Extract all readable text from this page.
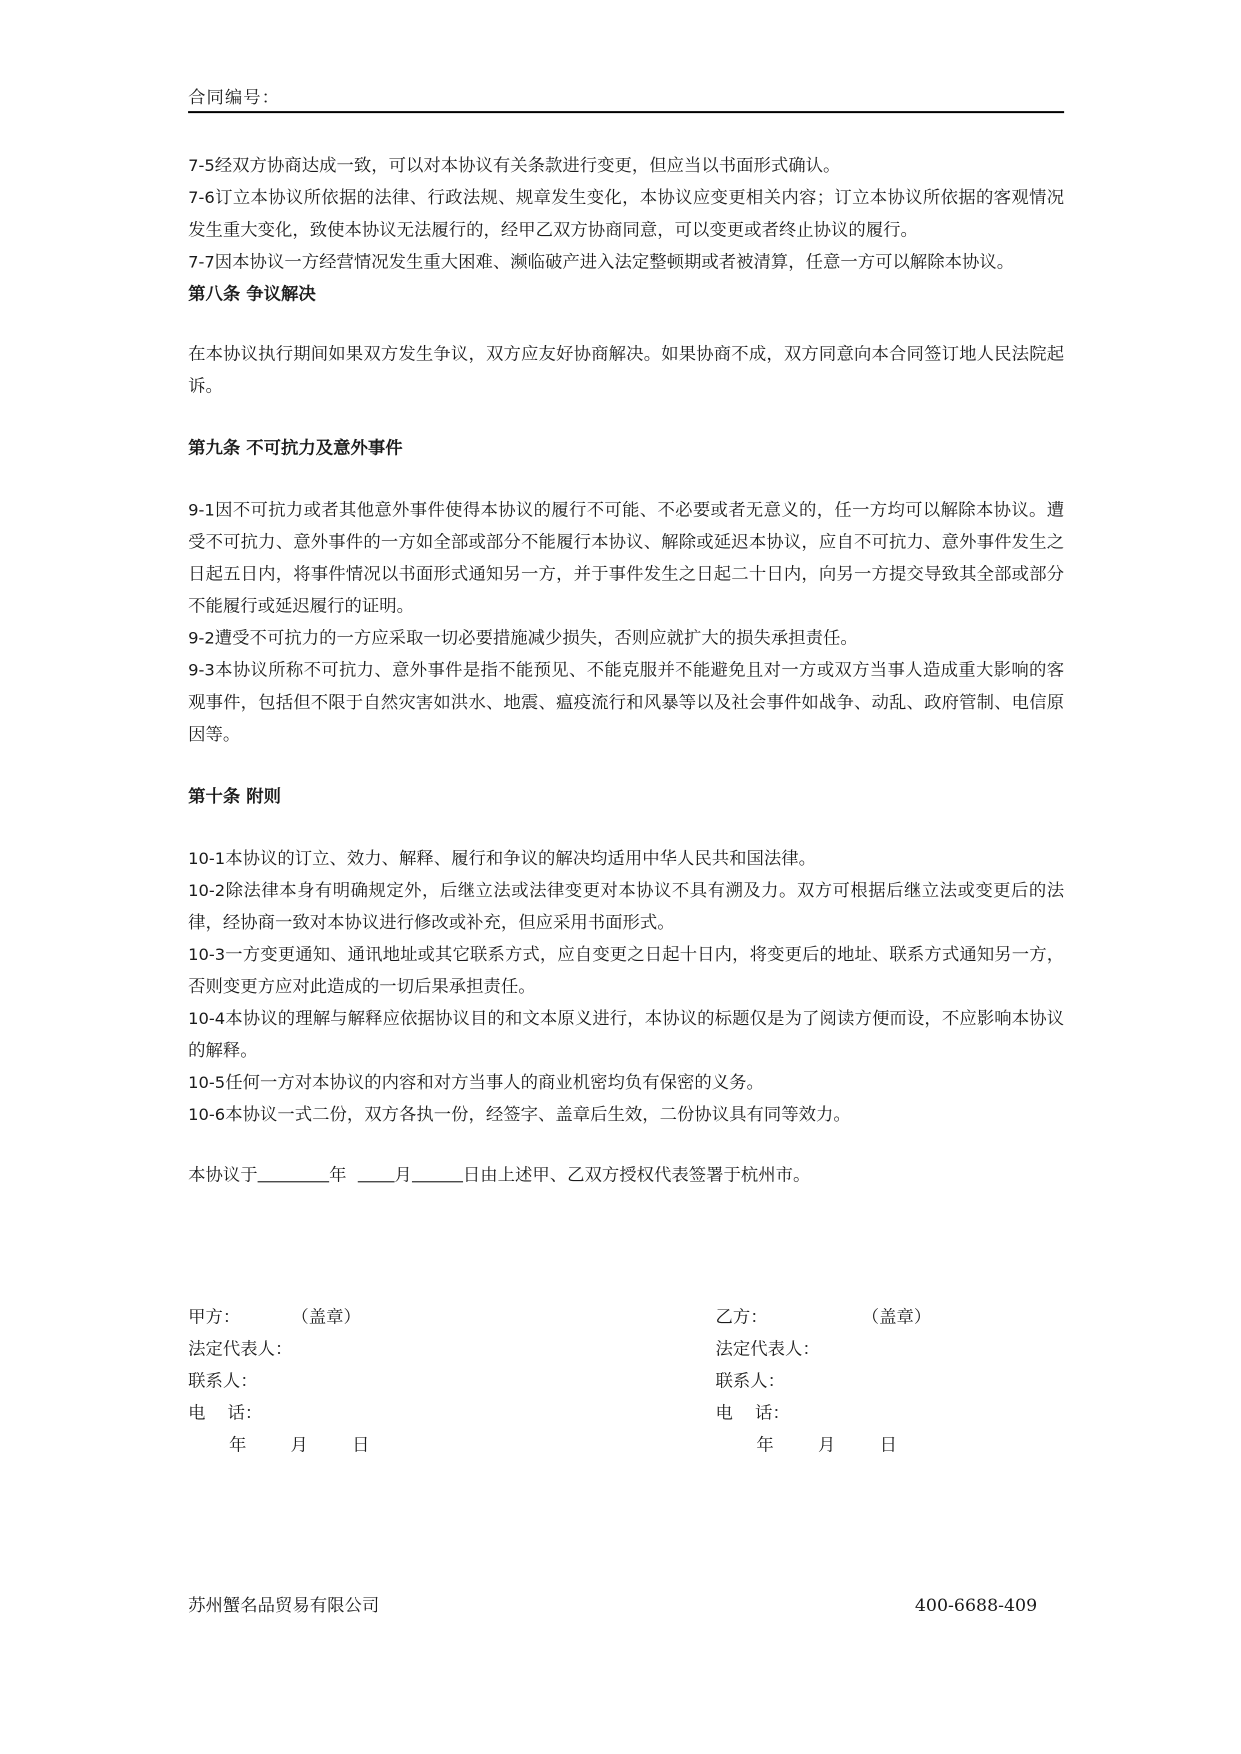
合同编号：

7-5经双方协商达成一致，可以对本协议有关条款进行变更，但应当以书面形式确认。

7-6订立本协议所依据的法律、行政法规、规章发生变化，本协议应变更相关内容；订立本协议所依据的客观情况发生重大变化，致使本协议无法履行的，经甲乙双方协商同意，可以变更或者终止协议的履行。

7-7因本协议一方经营情况发生重大困难、濒临破产进入法定整顿期或者被清算，任意一方可以解除本协议。

第八条 争议解决

在本协议执行期间如果双方发生争议，双方应友好协商解决。如果协商不成，双方同意向本合同签订地人民法院起诉。

第九条 不可抗力及意外事件

9-1因不可抗力或者其他意外事件使得本协议的履行不可能、不必要或者无意义的，任一方均可以解除本协议。遭受不可抗力、意外事件的一方如全部或部分不能履行本协议、解除或延迟本协议，应自不可抗力、意外事件发生之日起五日内，将事件情况以书面形式通知另一方，并于事件发生之日起二十日内，向另一方提交导致其全部或部分不能履行或延迟履行的证明。

9-2遭受不可抗力的一方应采取一切必要措施减少损失，否则应就扩大的损失承担责任。

9-3本协议所称不可抗力、意外事件是指不能预见、不能克服并不能避免且对一方或双方当事人造成重大影响的客观事件，包括但不限于自然灾害如洪水、地震、瘟疫流行和风暴等以及社会事件如战争、动乱、政府管制、电信原因等。

第十条 附则

10-1本协议的订立、效力、解释、履行和争议的解决均适用中华人民共和国法律。

10-2除法律本身有明确规定外，后继立法或法律变更对本协议不具有溯及力。双方可根据后继立法或变更后的法律，经协商一致对本协议进行修改或补充，但应采用书面形式。

10-3一方变更通知、通讯地址或其它联系方式，应自变更之日起十日内，将变更后的地址、联系方式通知另一方，否则变更方应对此造成的一切后果承担责任。

10-4本协议的理解与解释应依据协议目的和文本原义进行，本协议的标题仅是为了阅读方便而设，不应影响本协议的解释。

10-5任何一方对本协议的内容和对方当事人的商业机密均负有保密的义务。

10-6本协议一式二份，双方各执一份，经签字、盖章后生效，二份协议具有同等效力。

本协议于	年	月	日由上述甲、乙双方授权代表签署于杭州市。
甲方：	（盖章）
法定代表人：
联系人：
电    话：
年        月        日
乙方：	（盖章）
法定代表人：
联系人：
电    话：
年        月        日
苏州蟹名品贸易有限公司	400-6688-409
